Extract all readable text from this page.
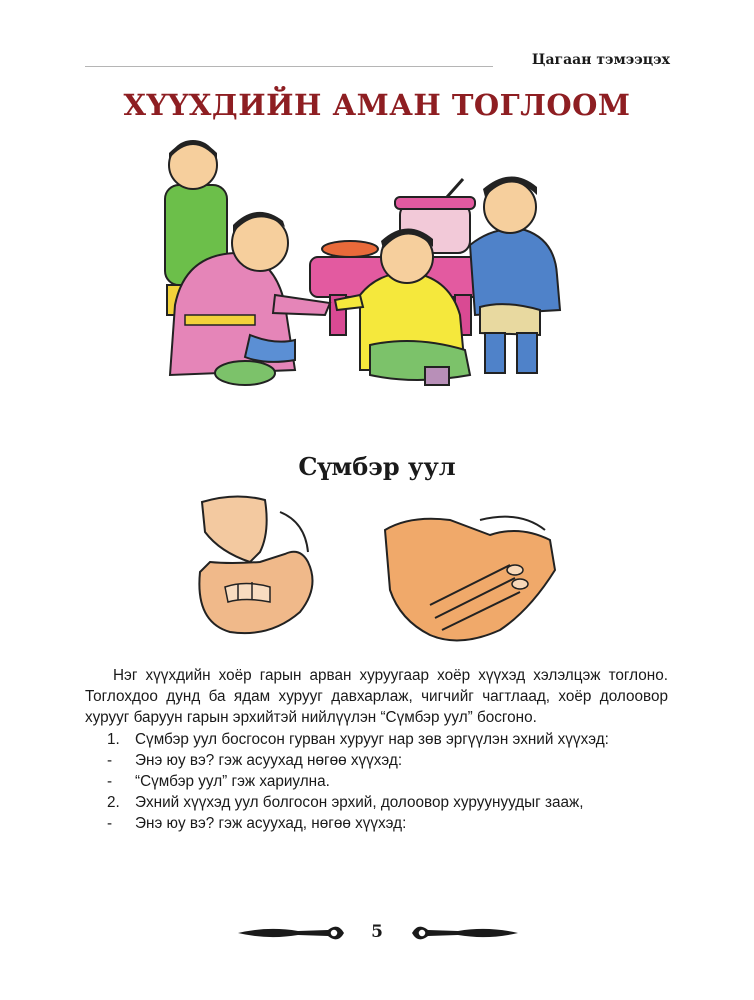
Цагаан тэмээцэх
ХҮҮХДИЙН АМАН ТОГЛООМ
Сүмбэр уул

Нэг хүүхдийн хоёр гарын арван хуруугаар хоёр хүүхэд хэлэлцэж тоглоно. Тоглохдоо дунд ба ядам хурууг давхарлаж, чигчийг чагтлаад, хоёр долоовор хурууг баруун гарын эрхийтэй нийлүүлэн “Сүмбэр уул” босгоно.

1. Сүмбэр уул босгосон гурван хурууг нар зөв эргүүлэн эхний хүүхэд:
- Энэ юу вэ? гэж асуухад нөгөө хүүхэд:
- “Сүмбэр уул” гэж хариулна.
2. Эхний хүүхэд уул болгосон эрхий, долоовор хуруунуудыг зааж,
- Энэ юу вэ? гэж асуухад, нөгөө хүүхэд:
5
